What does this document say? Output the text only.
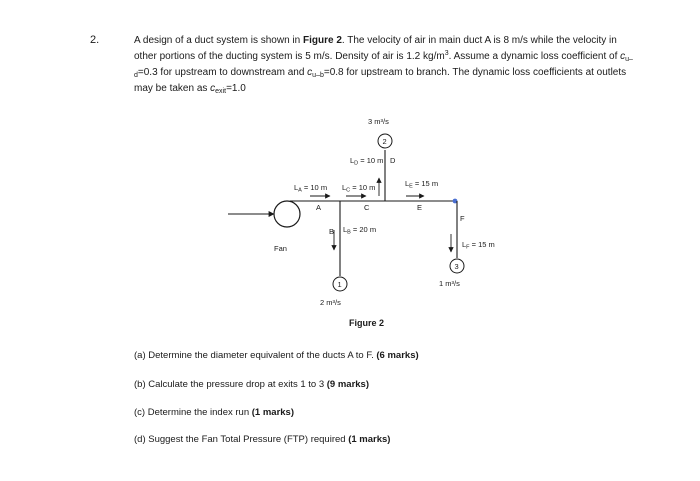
2.	A design of a duct system is shown in Figure 2. The velocity of air in main duct A is 8 m/s while the velocity in other portions of the ducting system is 5 m/s. Density of air is 1.2 $kg/m^3$. Assume a dynamic loss coefficient of $c_{u-d}=0.3$ for upstream to downstream and $c_{u-b}=0.8$ for upstream to branch. The dynamic loss coefficients at outlets may be taken as $c_{exit}=1.0$
3 m³/s
2
$L_D = 10$ m D
$L_A = 10$ m $L_C = 10$ m	$L_E = 15$ m
A	C	E
F
B $L_B = 20$ m
$L_F = 15$ m
Fan
1
2 m³/s
3
1 m³/s
Figure 2
(a) Determine the diameter equivalent of the ducts A to F. (6 marks)
(b) Calculate the pressure drop at exits 1 to 3 (9 marks)
(c) Determine the index run (1 marks)
(d) Suggest the Fan Total Pressure (FTP) required (1 marks)
